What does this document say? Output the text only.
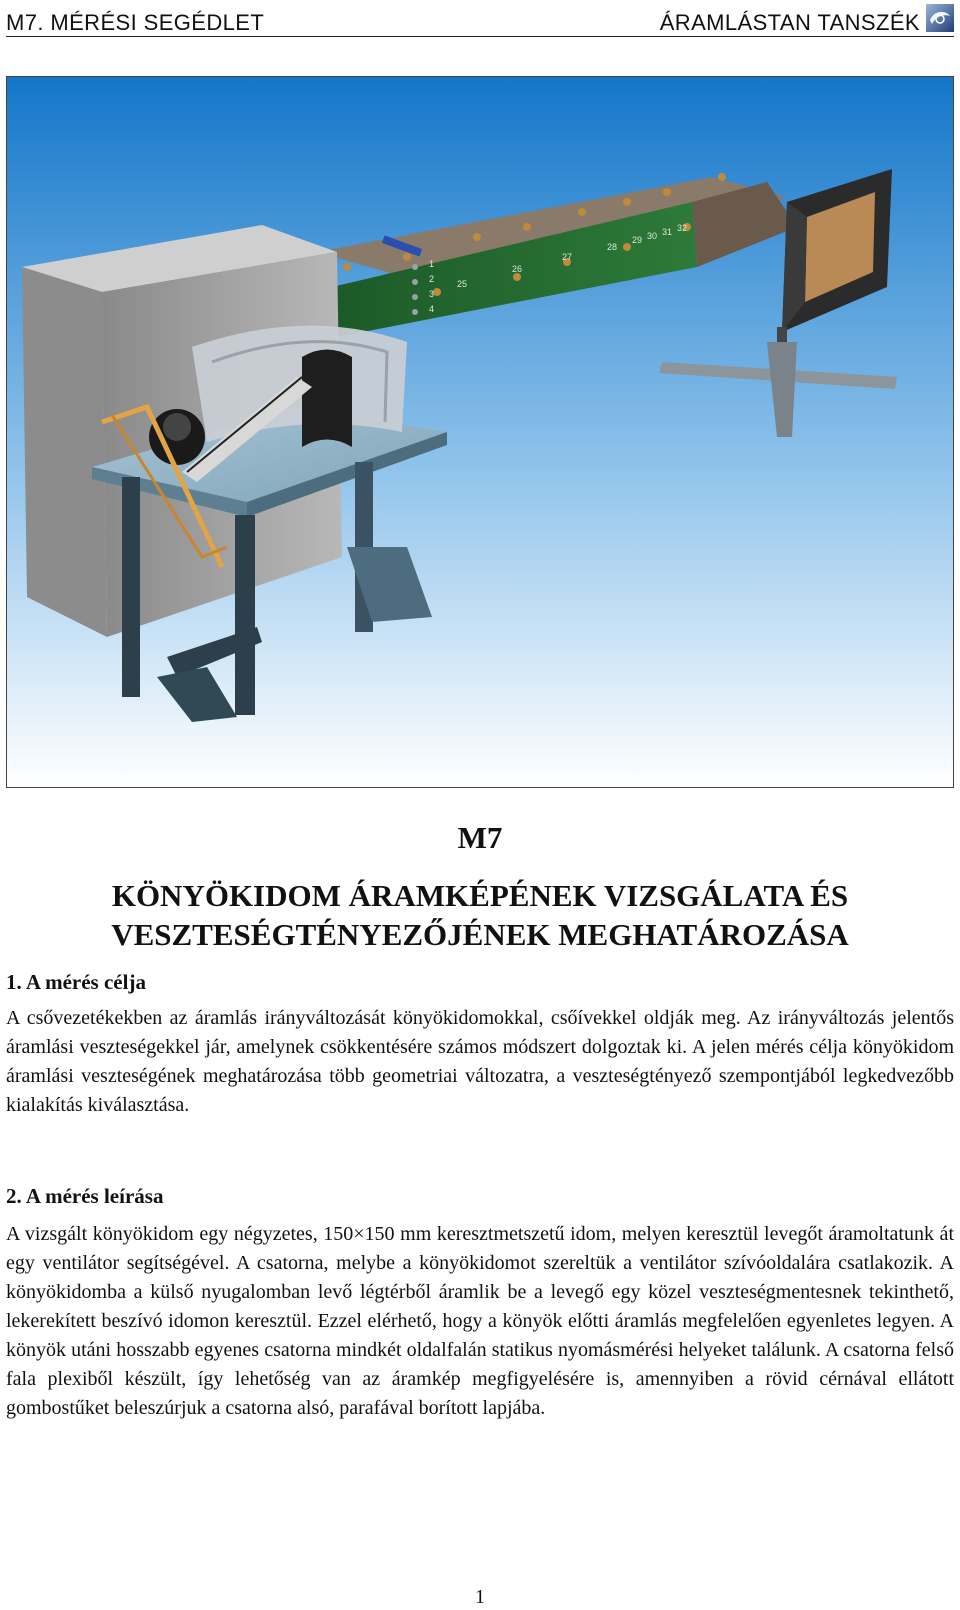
M7. MÉRÉSI SEGÉDLET	ÁRAMLÁSTAN TANSZÉK
1
2
3
4
25
26
27
28
29 30 31 32
M7
KÖNYÖKIDOM ÁRAMKÉPÉNEK VIZSGÁLATA ÉS
VESZTESÉGTÉNYEZŐJÉNEK MEGHATÁROZÁSA
1. A mérés célja

A csővezetékekben az áramlás irányváltozását könyökidomokkal, csőívekkel oldják meg. Az irányváltozás jelentős áramlási veszteségekkel jár, amelynek csökkentésére számos módszert dolgoztak ki. A jelen mérés célja könyökidom áramlási veszteségének meghatározása több geometriai változatra, a veszteségtényező szempontjából legkedvezőbb kialakítás kiválasztása.

2. A mérés leírása

A vizsgált könyökidom egy négyzetes, 150×150 mm keresztmetszetű idom, melyen keresztül levegőt áramoltatunk át egy ventilátor segítségével. A csatorna, melybe a könyökidomot szereltük a ventilátor szívóoldalára csatlakozik. A könyökidomba a külső nyugalomban levő légtérből áramlik be a levegő egy közel veszteségmentesnek tekinthető, lekerekített beszívó idomon keresztül. Ezzel elérhető, hogy a könyök előtti áramlás megfelelően egyenletes legyen. A könyök utáni hosszabb egyenes csatorna mindkét oldalfalán statikus nyomásmérési helyeket találunk. A csatorna felső fala plexiből készült, így lehetőség van az áramkép megfigyelésére is, amennyiben a rövid cérnával ellátott gombostűket beleszúrjuk a csatorna alsó, parafával borított lapjába.

1
